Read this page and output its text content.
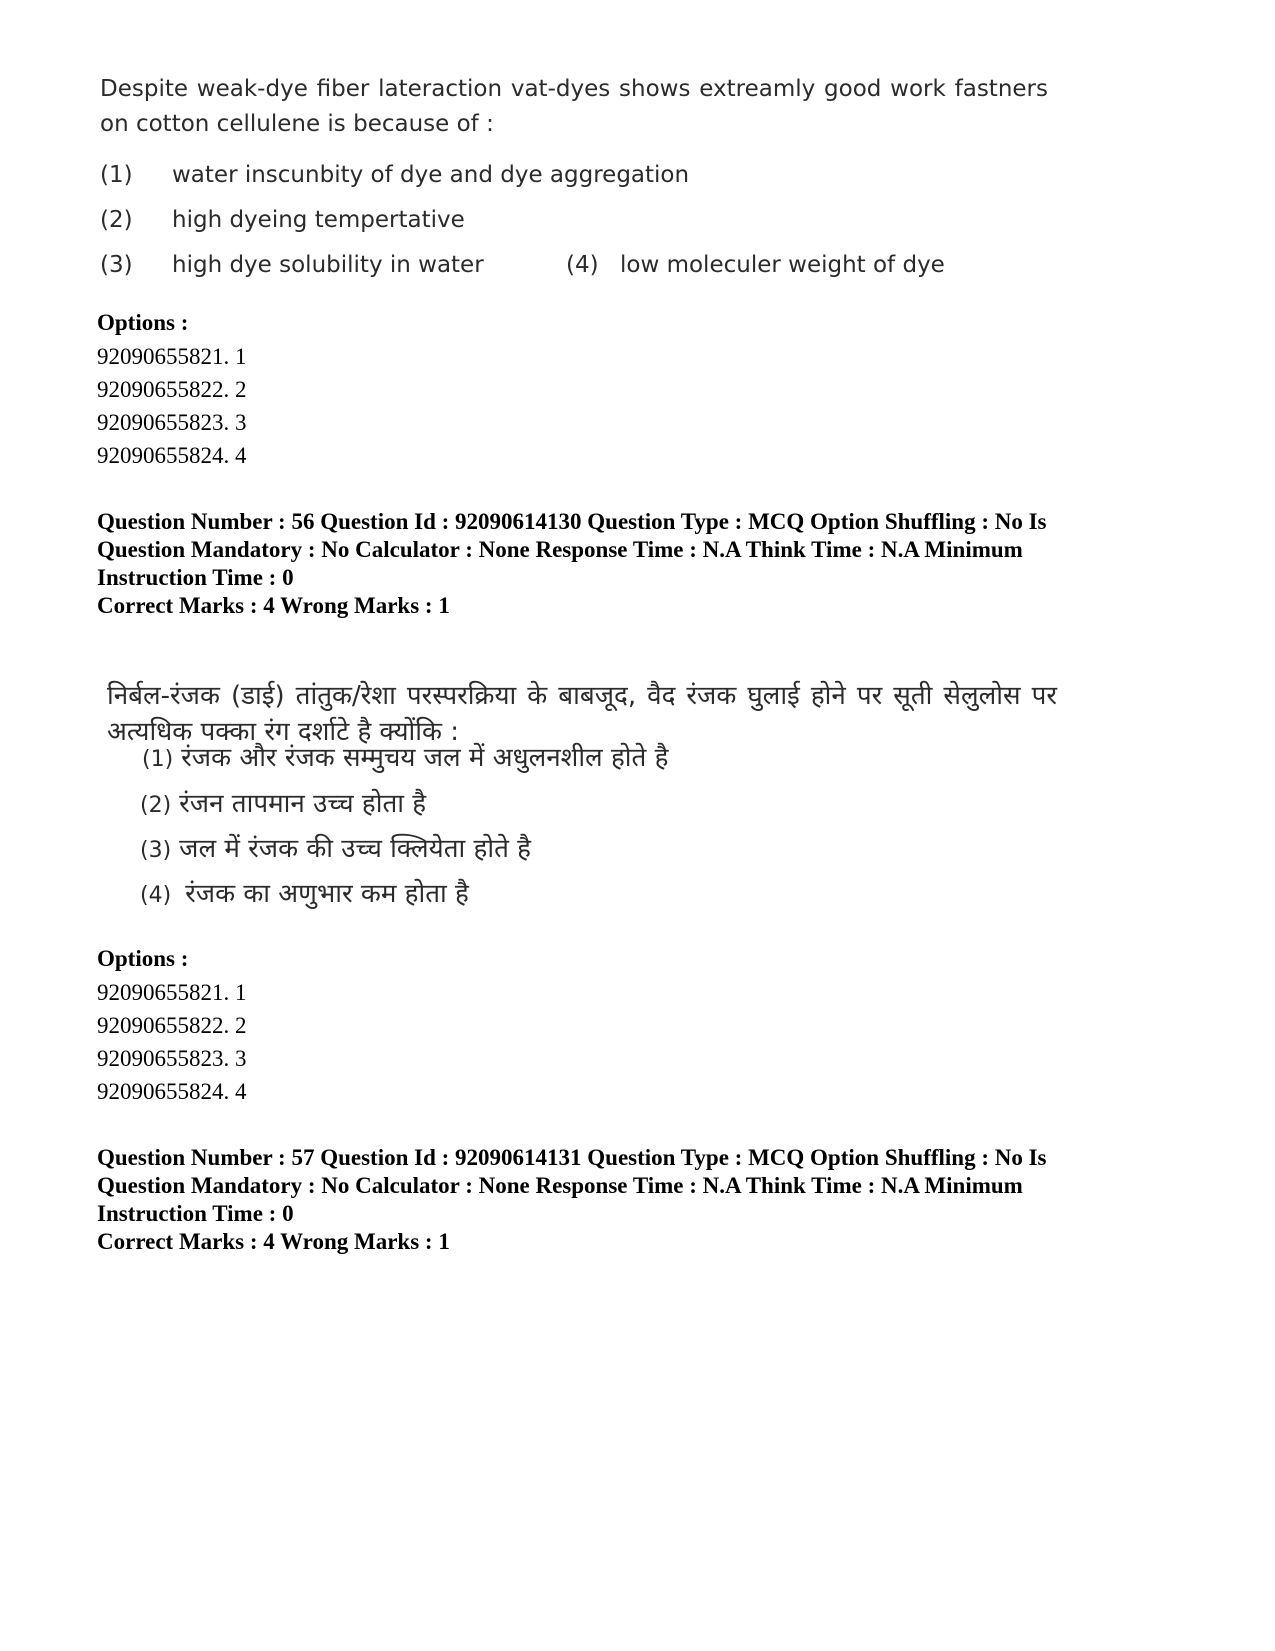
Despite weak-dye fiber lateraction vat-dyes shows extreamly good work fastners on cotton cellulene is because of :
(1) water inscunbity of dye and dye aggregation
(2) high dyeing tempertative
(3) high dye solubility in water	(4) low moleculer weight of dye
Options :
92090655821. 1
92090655822. 2
92090655823. 3
92090655824. 4
Question Number : 56 Question Id : 92090614130 Question Type : MCQ Option Shuffling : No Is
Question Mandatory : No Calculator : None Response Time : N.A Think Time : N.A Minimum
Instruction Time : 0
Correct Marks : 4 Wrong Marks : 1
निर्बल-रंजक (डाई) तांतुक/रेशा परस्परक्रिया के बाबजूद, वैद रंजक घुलाई होने पर सूती सेलुलोस पर अत्यधिक पक्का रंग दर्शाटे है क्योंकि :
(1) रंजक और रंजक सम्मुचय जल में अधुलनशील होते है
(2) रंजन तापमान उच्च होता है
(3) जल में रंजक की उच्च क्लियेता होते है
(4) रंजक का अणुभार कम होता है
Options :
92090655821. 1
92090655822. 2
92090655823. 3
92090655824. 4
Question Number : 57 Question Id : 92090614131 Question Type : MCQ Option Shuffling : No Is
Question Mandatory : No Calculator : None Response Time : N.A Think Time : N.A Minimum
Instruction Time : 0
Correct Marks : 4 Wrong Marks : 1
